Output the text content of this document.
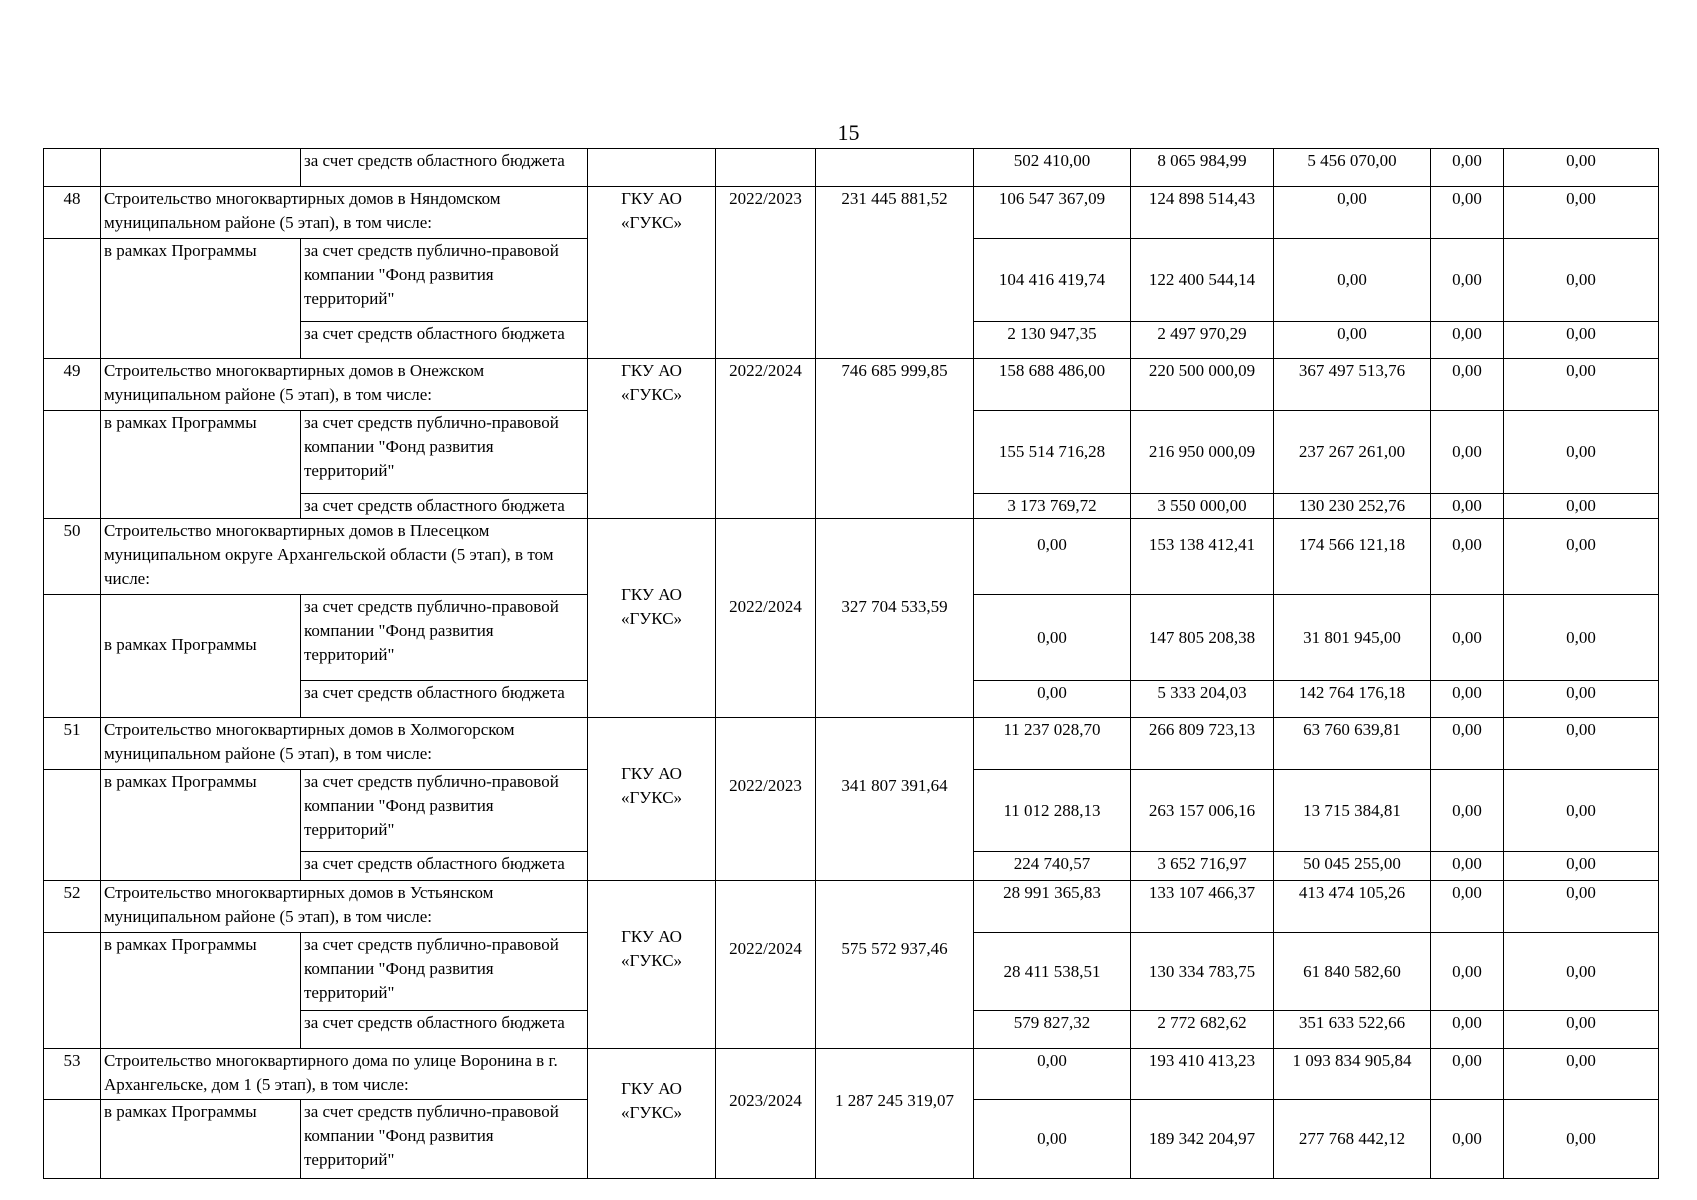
15
		за счет средств областного бюджета				502 410,00	8 065 984,99	5 456 070,00	0,00	0,00
48	Строительство многоквартирных домов в Няндомском муниципальном районе (5 этап), в том числе:		ГКУ АО «ГУКС»	2022/2023	231 445 881,52	106 547 367,09	124 898 514,43	0,00	0,00	0,00
	в рамках Программы	за счет средств публично-правовой компании "Фонд развития территорий"				104 416 419,74	122 400 544,14	0,00	0,00	0,00
		за счет средств областного бюджета				2 130 947,35	2 497 970,29	0,00	0,00	0,00
49	Строительство многоквартирных домов в Онежском муниципальном районе (5 этап), в том числе:		ГКУ АО «ГУКС»	2022/2024	746 685 999,85	158 688 486,00	220 500 000,09	367 497 513,76	0,00	0,00
	в рамках Программы	за счет средств публично-правовой компании "Фонд развития территорий"				155 514 716,28	216 950 000,09	237 267 261,00	0,00	0,00
		за счет средств областного бюджета				3 173 769,72	3 550 000,00	130 230 252,76	0,00	0,00
50	Строительство многоквартирных домов в Плесецком муниципальном округе Архангельской области (5 этап), в том числе:		ГКУ АО «ГУКС»	2022/2024	327 704 533,59	0,00	153 138 412,41	174 566 121,18	0,00	0,00
	в рамках Программы	за счет средств публично-правовой компании "Фонд развития территорий"				0,00	147 805 208,38	31 801 945,00	0,00	0,00
		за счет средств областного бюджета				0,00	5 333 204,03	142 764 176,18	0,00	0,00
51	Строительство многоквартирных домов в Холмогорском муниципальном районе (5 этап), в том числе:		ГКУ АО «ГУКС»	2022/2023	341 807 391,64	11 237 028,70	266 809 723,13	63 760 639,81	0,00	0,00
	в рамках Программы	за счет средств публично-правовой компании "Фонд развития территорий"				11 012 288,13	263 157 006,16	13 715 384,81	0,00	0,00
		за счет средств областного бюджета				224 740,57	3 652 716,97	50 045 255,00	0,00	0,00
52	Строительство многоквартирных домов в Устьянском муниципальном районе (5 этап), в том числе:		ГКУ АО «ГУКС»	2022/2024	575 572 937,46	28 991 365,83	133 107 466,37	413 474 105,26	0,00	0,00
	в рамках Программы	за счет средств публично-правовой компании "Фонд развития территорий"				28 411 538,51	130 334 783,75	61 840 582,60	0,00	0,00
		за счет средств областного бюджета				579 827,32	2 772 682,62	351 633 522,66	0,00	0,00
53	Строительство многоквартирного дома по улице Воронина в г. Архангельске, дом 1 (5 этап), в том числе:		ГКУ АО «ГУКС»	2023/2024	1 287 245 319,07	0,00	193 410 413,23	1 093 834 905,84	0,00	0,00
	в рамках Программы	за счет средств публично-правовой компании "Фонд развития территорий"				0,00	189 342 204,97	277 768 442,12	0,00	0,00
